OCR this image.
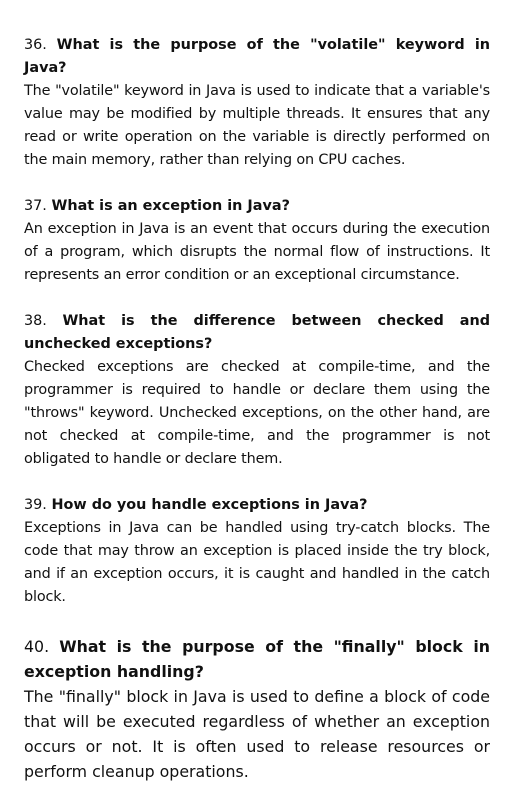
36. What is the purpose of the "volatile" keyword in Java?

The "volatile" keyword in Java is used to indicate that a variable's value may be modified by multiple threads. It ensures that any read or write operation on the variable is directly performed on the main memory, rather than relying on CPU caches.

37. What is an exception in Java?

An exception in Java is an event that occurs during the execution of a program, which disrupts the normal flow of instructions. It represents an error condition or an exceptional circumstance.

38. What is the difference between checked and unchecked exceptions?

Checked exceptions are checked at compile-time, and the programmer is required to handle or declare them using the "throws" keyword. Unchecked exceptions, on the other hand, are not checked at compile-time, and the programmer is not obligated to handle or declare them.

39. How do you handle exceptions in Java?

Exceptions in Java can be handled using try-catch blocks. The code that may throw an exception is placed inside the try block, and if an exception occurs, it is caught and handled in the catch block.

40. What is the purpose of the "finally" block in exception handling?

The "finally" block in Java is used to define a block of code that will be executed regardless of whether an exception occurs or not. It is often used to release resources or perform cleanup operations.
